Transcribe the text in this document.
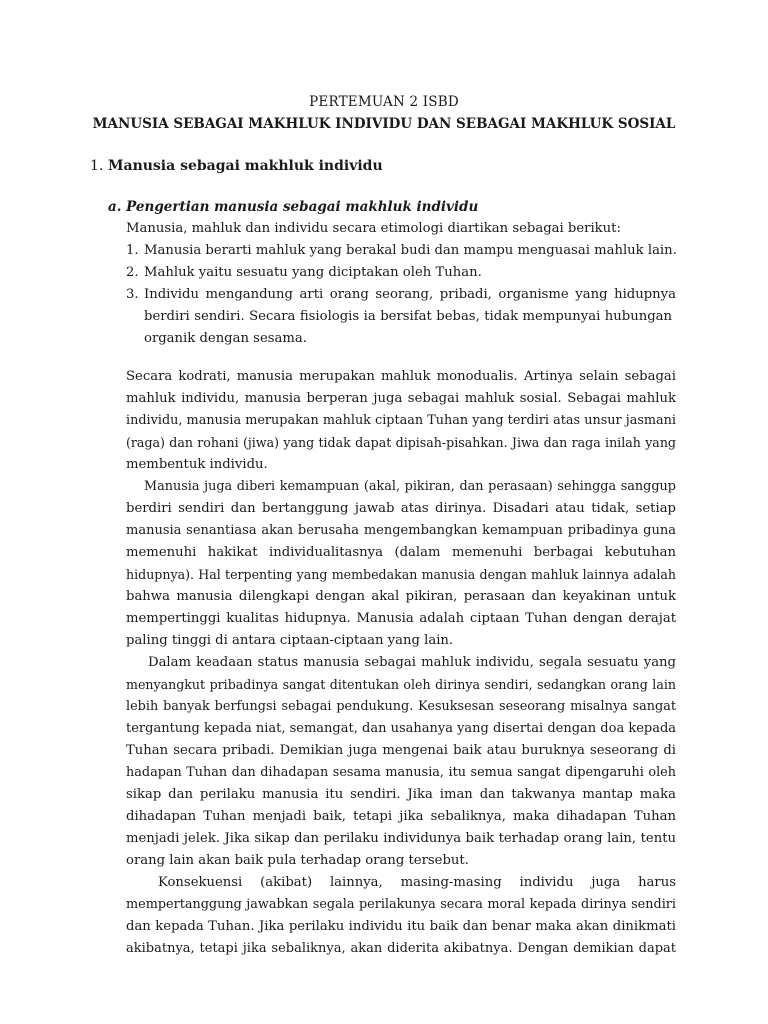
PERTEMUAN 2 ISBD
MANUSIA SEBAGAI MAKHLUK INDIVIDU DAN SEBAGAI MAKHLUK SOSIAL
1. Manusia sebagai makhluk individu
a. Pengertian manusia sebagai makhluk individu
Manusia, mahluk dan individu secara etimologi diartikan sebagai berikut:
1. Manusia berarti mahluk yang berakal budi dan mampu menguasai mahluk lain.
2. Mahluk yaitu sesuatu yang diciptakan oleh Tuhan.
3. Individu mengandung arti orang seorang, pribadi, organisme yang hidupnya
berdiri sendiri. Secara fisiologis ia bersifat bebas, tidak mempunyai hubungan
organik dengan sesama.
Secara kodrati, manusia merupakan mahluk monodualis. Artinya selain sebagai
mahluk individu, manusia berperan juga sebagai mahluk sosial. Sebagai mahluk
individu, manusia merupakan mahluk ciptaan Tuhan yang terdiri atas unsur jasmani
(raga) dan rohani (jiwa) yang tidak dapat dipisah-pisahkan. Jiwa dan raga inilah yang
membentuk individu.
Manusia juga diberi kemampuan (akal, pikiran, dan perasaan) sehingga sanggup
berdiri sendiri dan bertanggung jawab atas dirinya. Disadari atau tidak, setiap
manusia senantiasa akan berusaha mengembangkan kemampuan pribadinya guna
memenuhi hakikat individualitasnya (dalam memenuhi berbagai kebutuhan
hidupnya). Hal terpenting yang membedakan manusia dengan mahluk lainnya adalah
bahwa manusia dilengkapi dengan akal pikiran, perasaan dan keyakinan untuk
mempertinggi kualitas hidupnya. Manusia adalah ciptaan Tuhan dengan derajat
paling tinggi di antara ciptaan-ciptaan yang lain.
Dalam keadaan status manusia sebagai mahluk individu, segala sesuatu yang
menyangkut pribadinya sangat ditentukan oleh dirinya sendiri, sedangkan orang lain
lebih banyak berfungsi sebagai pendukung. Kesuksesan seseorang misalnya sangat
tergantung kepada niat, semangat, dan usahanya yang disertai dengan doa kepada
Tuhan secara pribadi. Demikian juga mengenai baik atau buruknya seseorang di
hadapan Tuhan dan dihadapan sesama manusia, itu semua sangat dipengaruhi oleh
sikap dan perilaku manusia itu sendiri. Jika iman dan takwanya mantap maka
dihadapan Tuhan menjadi baik, tetapi jika sebaliknya, maka dihadapan Tuhan
menjadi jelek. Jika sikap dan perilaku individunya baik terhadap orang lain, tentu
orang lain akan baik pula terhadap orang tersebut.
Konsekuensi (akibat) lainnya, masing-masing individu juga harus
mempertanggung jawabkan segala perilakunya secara moral kepada dirinya sendiri
dan kepada Tuhan. Jika perilaku individu itu baik dan benar maka akan dinikmati
akibatnya, tetapi jika sebaliknya, akan diderita akibatnya. Dengan demikian dapat
